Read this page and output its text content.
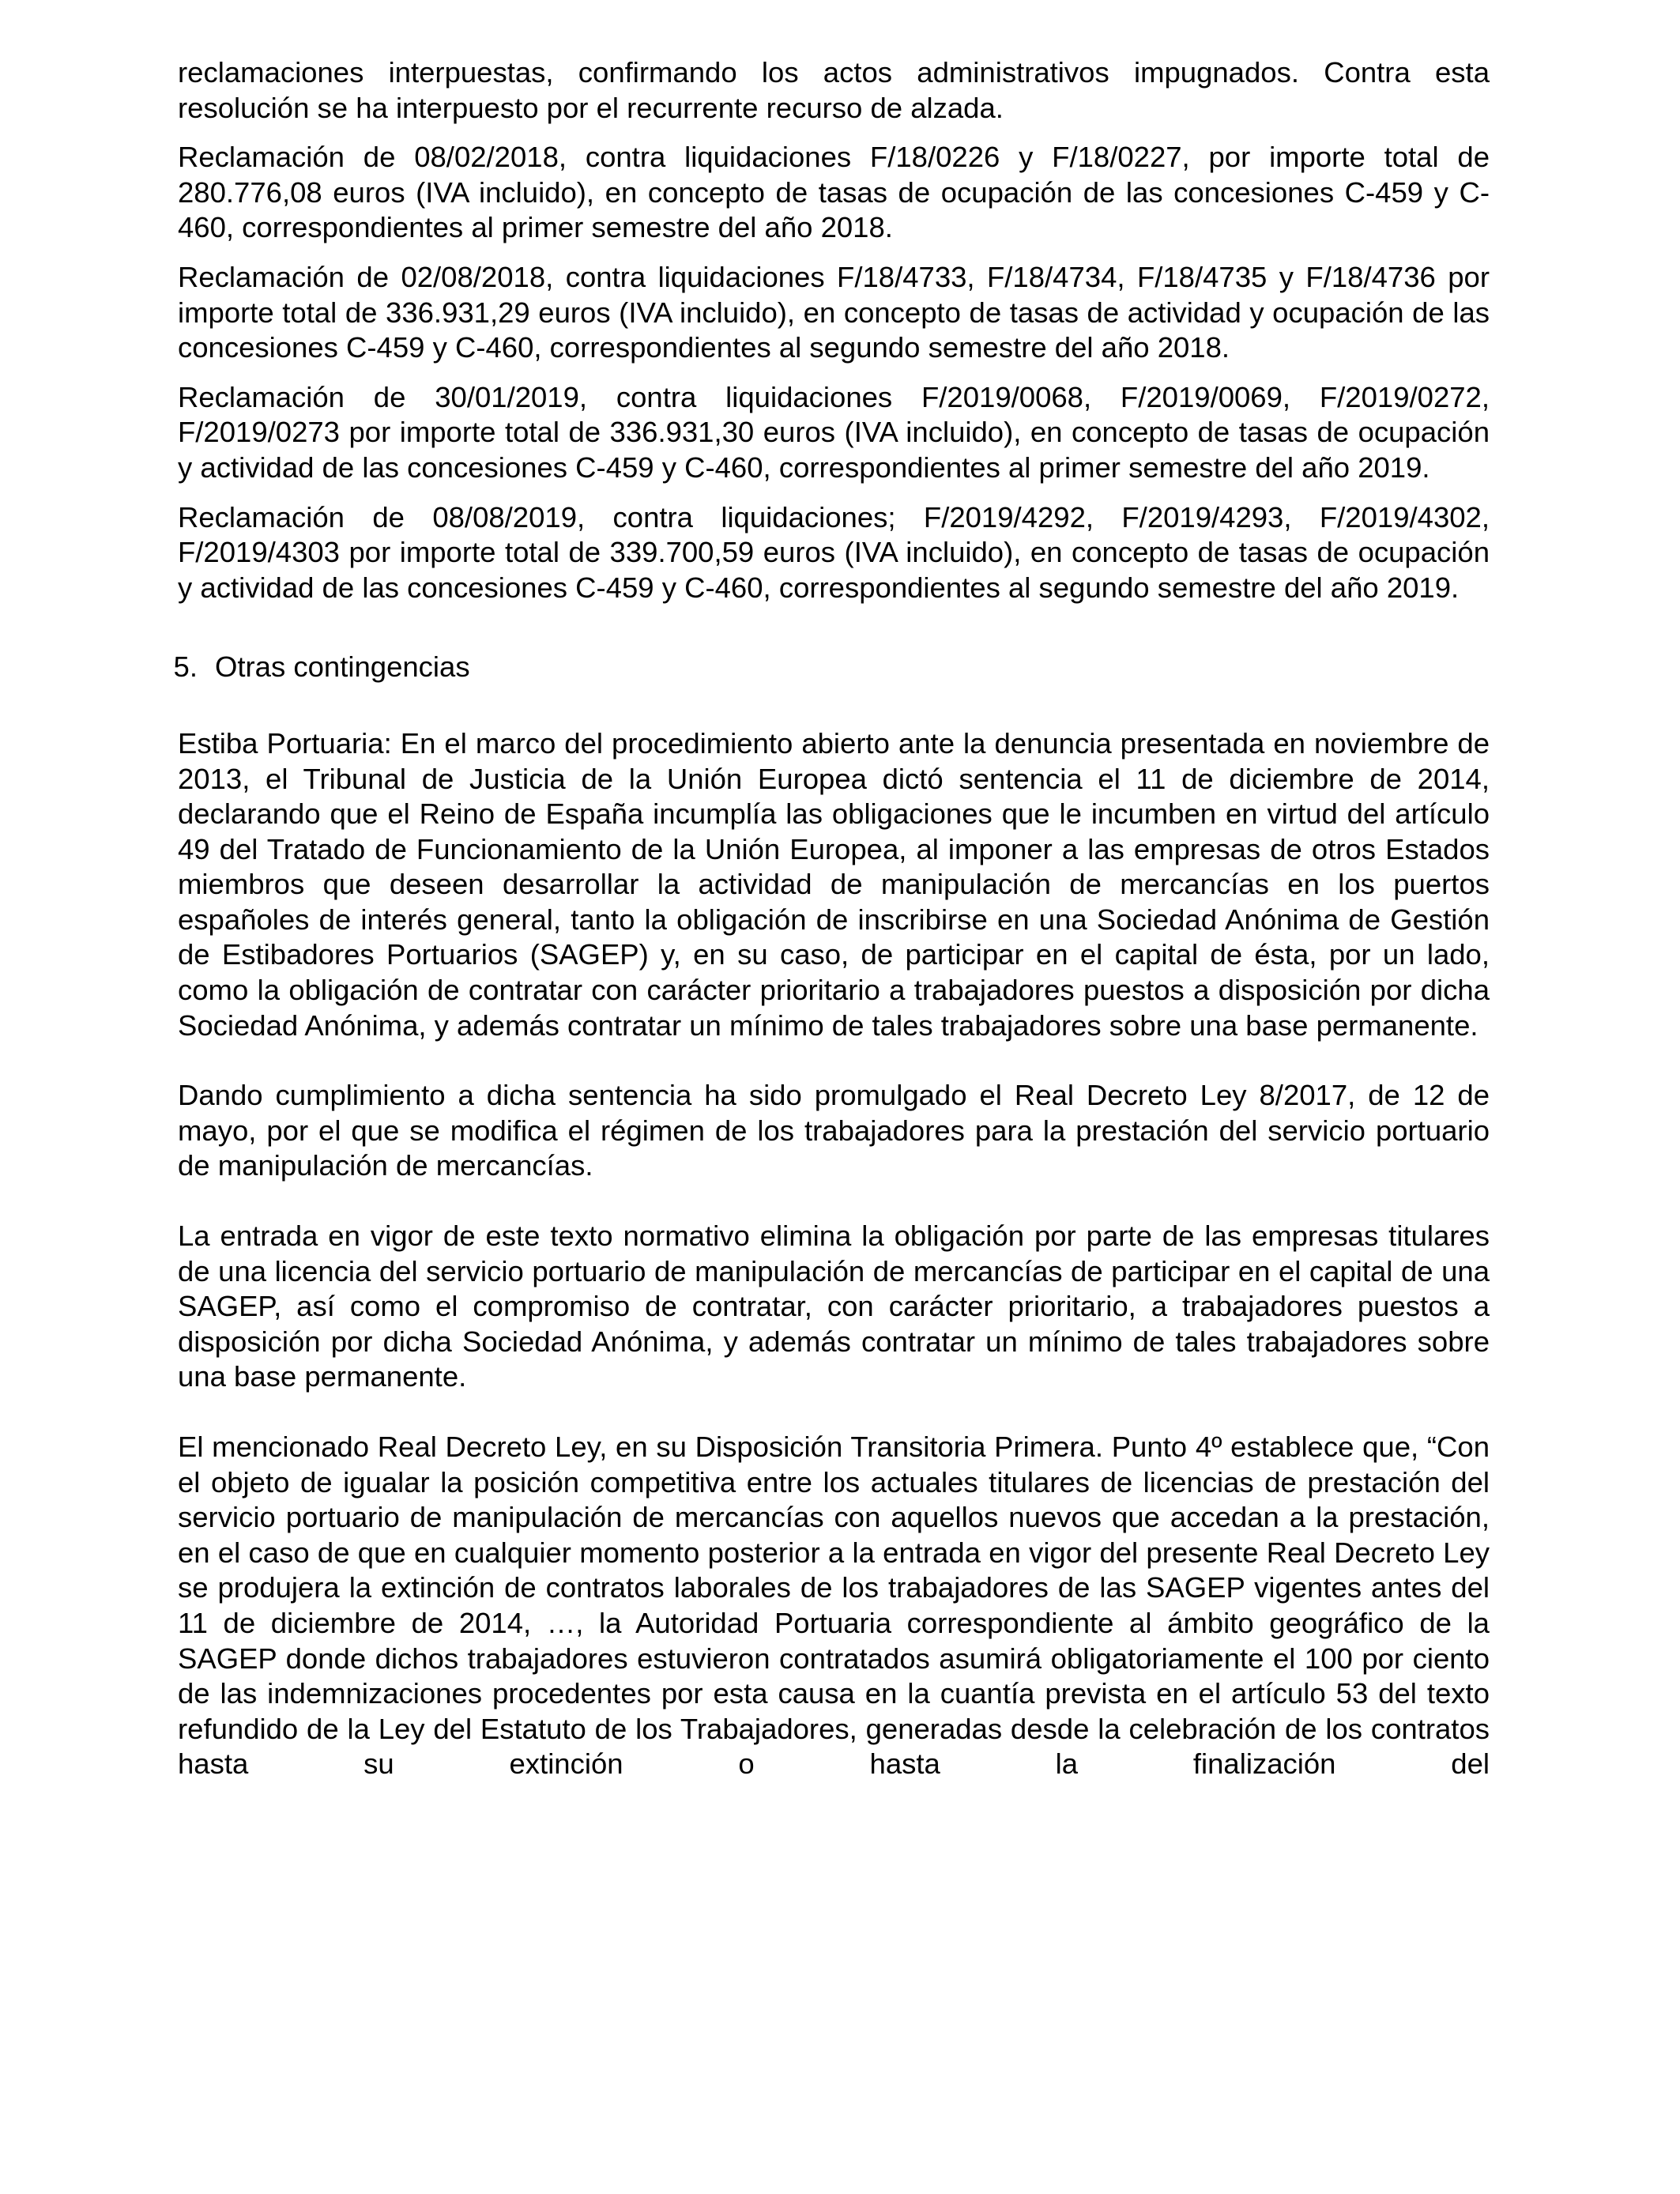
reclamaciones interpuestas, confirmando los actos administrativos impugnados. Contra esta resolución se ha interpuesto por el recurrente recurso de alzada.

Reclamación de 08/02/2018, contra liquidaciones F/18/0226 y F/18/0227, por importe total de 280.776,08 euros (IVA incluido), en concepto de tasas de ocupación de las concesiones C-459 y C-460, correspondientes al primer semestre del año 2018.

Reclamación de 02/08/2018, contra liquidaciones F/18/4733, F/18/4734, F/18/4735 y F/18/4736 por importe total de 336.931,29 euros (IVA incluido), en concepto de tasas de actividad y ocupación de las concesiones C-459 y C-460, correspondientes al segundo semestre del año 2018.

Reclamación de 30/01/2019, contra liquidaciones F/2019/0068, F/2019/0069, F/2019/0272, F/2019/0273 por importe total de 336.931,30 euros (IVA incluido), en concepto de tasas de ocupación y actividad de las concesiones C-459 y C-460, correspondientes al primer semestre del año 2019.

Reclamación de 08/08/2019, contra liquidaciones; F/2019/4292, F/2019/4293, F/2019/4302, F/2019/4303 por importe total de 339.700,59 euros (IVA incluido), en concepto de tasas de ocupación y actividad de las concesiones C-459 y C-460, correspondientes al segundo semestre del año 2019.

5. Otras contingencias

Estiba Portuaria: En el marco del procedimiento abierto ante la denuncia presentada en noviembre de 2013, el Tribunal de Justicia de la Unión Europea dictó sentencia el 11 de diciembre de 2014, declarando que el Reino de España incumplía las obligaciones que le incumben en virtud del artículo 49 del Tratado de Funcionamiento de la Unión Europea, al imponer a las empresas de otros Estados miembros que deseen desarrollar la actividad de manipulación de mercancías en los puertos españoles de interés general, tanto la obligación de inscribirse en una Sociedad Anónima de Gestión de Estibadores Portuarios (SAGEP) y, en su caso, de participar en el capital de ésta, por un lado, como la obligación de contratar con carácter prioritario a trabajadores puestos a disposición por dicha Sociedad Anónima, y además contratar un mínimo de tales trabajadores sobre una base permanente.

Dando cumplimiento a dicha sentencia ha sido promulgado el Real Decreto Ley 8/2017, de 12 de mayo, por el que se modifica el régimen de los trabajadores para la prestación del servicio portuario de manipulación de mercancías.

La entrada en vigor de este texto normativo elimina la obligación por parte de las empresas titulares de una licencia del servicio portuario de manipulación de mercancías de participar en el capital de una SAGEP, así como el compromiso de contratar, con carácter prioritario, a trabajadores puestos a disposición por dicha Sociedad Anónima, y además contratar un mínimo de tales trabajadores sobre una base permanente.

El mencionado Real Decreto Ley, en su Disposición Transitoria Primera. Punto 4º establece que, “Con el objeto de igualar la posición competitiva entre los actuales titulares de licencias de prestación del servicio portuario de manipulación de mercancías con aquellos nuevos que accedan a la prestación, en el caso de que en cualquier momento posterior a la entrada en vigor del presente Real Decreto Ley se produjera la extinción de contratos laborales de los trabajadores de las SAGEP vigentes antes del 11 de diciembre de 2014, …, la Autoridad Portuaria correspondiente al ámbito geográfico de la SAGEP donde dichos trabajadores estuvieron contratados asumirá obligatoriamente el 100 por ciento de las indemnizaciones procedentes por esta causa en la cuantía prevista en el artículo 53 del texto refundido de la Ley del Estatuto de los Trabajadores, generadas desde la celebración de los contratos hasta su extinción o hasta la finalización del
